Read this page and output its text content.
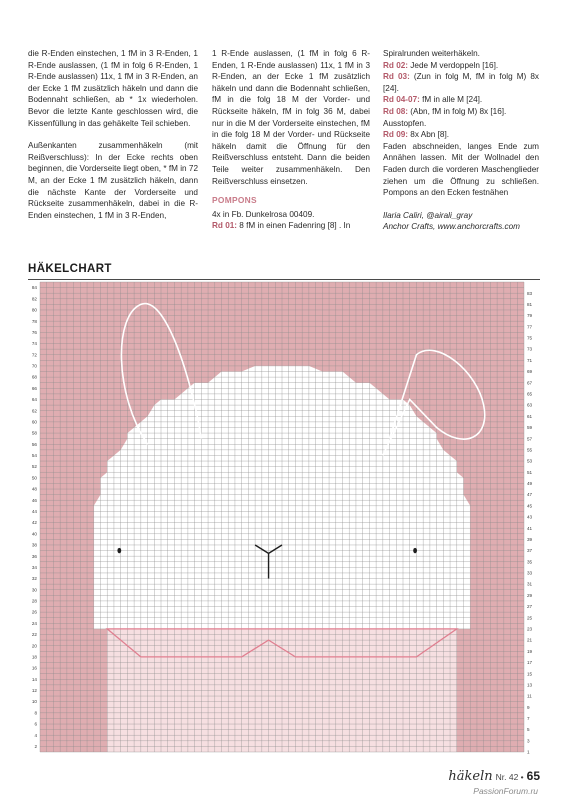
die R-Enden einstechen, 1 fM in 3 R-Enden, 1 R-Ende auslassen, (1 fM in folg 6 R-Enden, 1 R-Ende auslassen) 11x, 1 fM in 3 R-Enden, an der Ecke 1 fM zusätzlich häkeln und dann die Bodennaht schließen, ab * 1x wiederholen. Bevor die letzte Kante geschlossen wird, die Kissenfüllung in das gehäkelte Teil schieben.

Außenkanten zusammenhäkeln (mit Reißverschluss): In der Ecke rechts oben beginnen, die Vorderseite liegt oben, * fM in 72 M, an der Ecke 1 fM zusätzlich häkeln, dann die nächste Kante der Vorderseite und Rückseite zusammenhäkeln, dabei in die R-Enden einstechen, 1 fM in 3 R-Enden,

1 R-Ende auslassen, (1 fM in folg 6 R-Enden, 1 R-Ende auslassen) 11x, 1 fM in 3 R-Enden, an der Ecke 1 fM zusätzlich häkeln und dann die Bodennaht schließen, fM in die folg 18 M der Vorder- und Rückseite häkeln, fM in folg 36 M, dabei nur in die M der Vorderseite einstechen, fM in die folg 18 M der Vorder- und Rückseite häkeln damit die Öffnung für den Reißverschluss entsteht. Dann die beiden Teile weiter zusammenhäkeln. Den Reißverschluss einsetzen.

POMPONS

4x in Fb. Dunkelrosa 00409.

Rd 01: 8 fM in einen Fadenring [8] . In

Spiralrunden weiterhäkeln.

Rd 02: Jede M verdoppeln [16].

Rd 03: (Zun in folg M, fM in folg M) 8x [24].

Rd 04-07: fM in alle M [24].

Rd 08: (Abn, fM in folg M) 8x [16].

Ausstopfen.

Rd 09: 8x Abn [8].

Faden abschneiden, langes Ende zum Annähen lassen. Mit der Wollnadel den Faden durch die vorderen Maschenglieder ziehen um die Öffnung zu schließen. Pompons an den Ecken festnähen

Ilaria Caliri, @airali_gray

Anchor Crafts, www.anchorcrafts.com

HÄKELCHART
84
82
80
78
76
74
72
70
68
66
64
62
60
58
56
54
52
50
48
46
44
42
40
38
36
34
32
30
28
26
24
22
20
18
16
14
12
10
8
6
4
2
83
81
79
77
75
73
71
69
67
65
63
61
59
57
55
53
51
49
47
45
43
41
39
37
35
33
31
29
27
25
23
21
19
17
15
13
11
9
7
5
3
1
häkeln Nr. 42 • 65
PassionForum.ru
